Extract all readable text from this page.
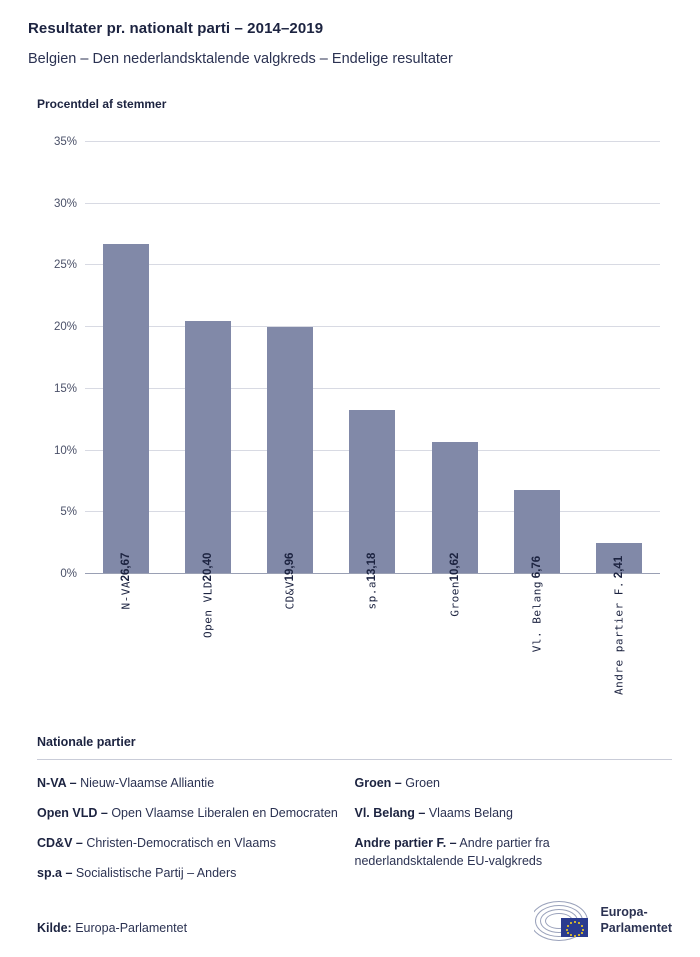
Resultater pr. nationalt parti – 2014–2019
Belgien – Den nederlandsktalende valgkreds – Endelige resultater
Procentdel af stemmer
35%
30%
25%
20%
15%
10%
5%
0%	26,67
N-VA
20,40
Open VLD
19,96
CD&V
13,18
sp.a
10,62
Groen
6,76
Vl. Belang
2,41
Andre partier F.
Nationale partier
N-VA – Nieuw-Vlaamse Alliantie
Open VLD – Open Vlaamse Liberalen en Democraten
CD&V – Christen-Democratisch en Vlaams
sp.a – Socialistische Partij – Anders
Groen – Groen
Vl. Belang – Vlaams Belang
Andre partier F. – Andre partier fra nederlandsktalende EU-valgkreds
Kilde: Europa-Parlamentet
Europa-
Parlamentet
